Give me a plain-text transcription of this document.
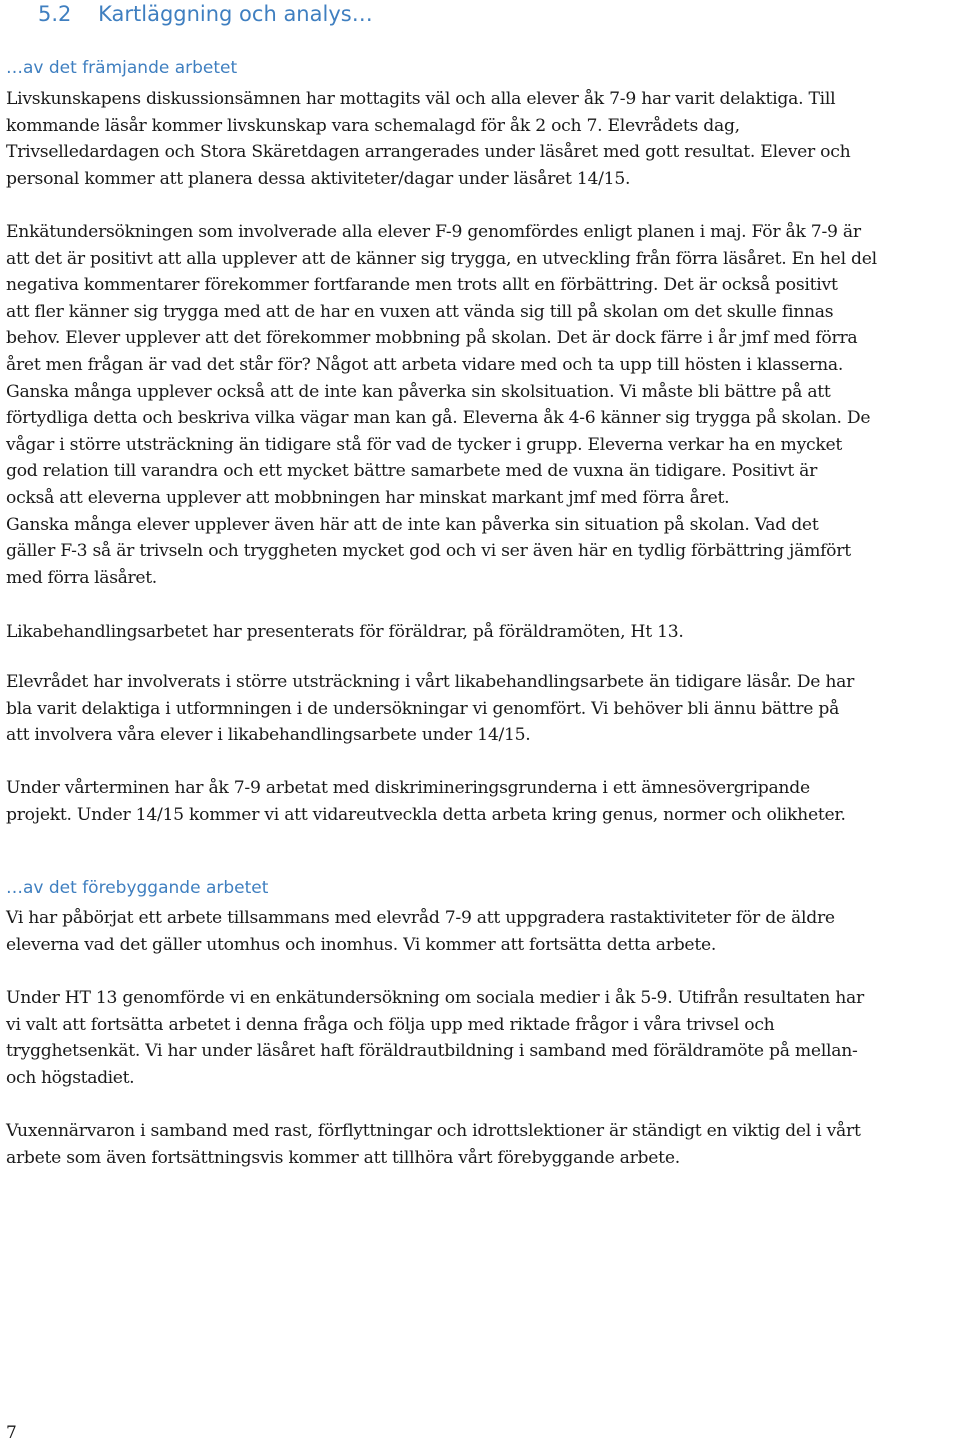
5.2    Kartläggning och analys…
…av det främjande arbetet

Livskunskapens diskussionsämnen har mottagits väl och alla elever åk 7-9 har varit delaktiga. Till
kommande läsår kommer livskunskap vara schemalagd för åk 2 och 7. Elevrådets dag,
Trivselledardagen och Stora Skäretdagen arrangerades under läsåret med gott resultat. Elever och
personal kommer att planera dessa aktiviteter/dagar under läsåret 14/15.

Enkätundersökningen som involverade alla elever F-9 genomfördes enligt planen i maj. För åk 7-9 är
att det är positivt att alla upplever att de känner sig trygga, en utveckling från förra läsåret. En hel del
negativa kommentarer förekommer fortfarande men trots allt en förbättring. Det är också positivt
att fler känner sig trygga med att de har en vuxen att vända sig till på skolan om det skulle finnas
behov. Elever upplever att det förekommer mobbning på skolan. Det är dock färre i år jmf med förra
året men frågan är vad det står för? Något att arbeta vidare med och ta upp till hösten i klasserna.
Ganska många upplever också att de inte kan påverka sin skolsituation. Vi måste bli bättre på att
förtydliga detta och beskriva vilka vägar man kan gå. Eleverna åk 4-6 känner sig trygga på skolan. De
vågar i större utsträckning än tidigare stå för vad de tycker i grupp. Eleverna verkar ha en mycket
god relation till varandra och ett mycket bättre samarbete med de vuxna än tidigare. Positivt är
också att eleverna upplever att mobbningen har minskat markant jmf med förra året.
Ganska många elever upplever även här att de inte kan påverka sin situation på skolan. Vad det
gäller F-3 så är trivseln och tryggheten mycket god och vi ser även här en tydlig förbättring jämfört
med förra läsåret.

Likabehandlingsarbetet har presenterats för föräldrar, på föräldramöten, Ht 13.

Elevrådet har involverats i större utsträckning i vårt likabehandlingsarbete än tidigare läsår. De har
bla varit delaktiga i utformningen i de undersökningar vi genomfört. Vi behöver bli ännu bättre på
att involvera våra elever i likabehandlingsarbete under 14/15.

Under vårterminen har åk 7-9 arbetat med diskrimineringsgrunderna i ett ämnesövergripande
projekt. Under 14/15 kommer vi att vidareutveckla detta arbeta kring genus, normer och olikheter.

…av det förebyggande arbetet

Vi har påbörjat ett arbete tillsammans med elevråd 7-9 att uppgradera rastaktiviteter för de äldre
eleverna vad det gäller utomhus och inomhus. Vi kommer att fortsätta detta arbete.

Under HT 13 genomförde vi en enkätundersökning om sociala medier i åk 5-9. Utifrån resultaten har
vi valt att fortsätta arbetet i denna fråga och följa upp med riktade frågor i våra trivsel och
trygghetsenkät. Vi har under läsåret haft föräldrautbildning i samband med föräldramöte på mellan-
och högstadiet.

Vuxennärvaron i samband med rast, förflyttningar och idrottslektioner är ständigt en viktig del i vårt
arbete som även fortsättningsvis kommer att tillhöra vårt förebyggande arbete.

7
